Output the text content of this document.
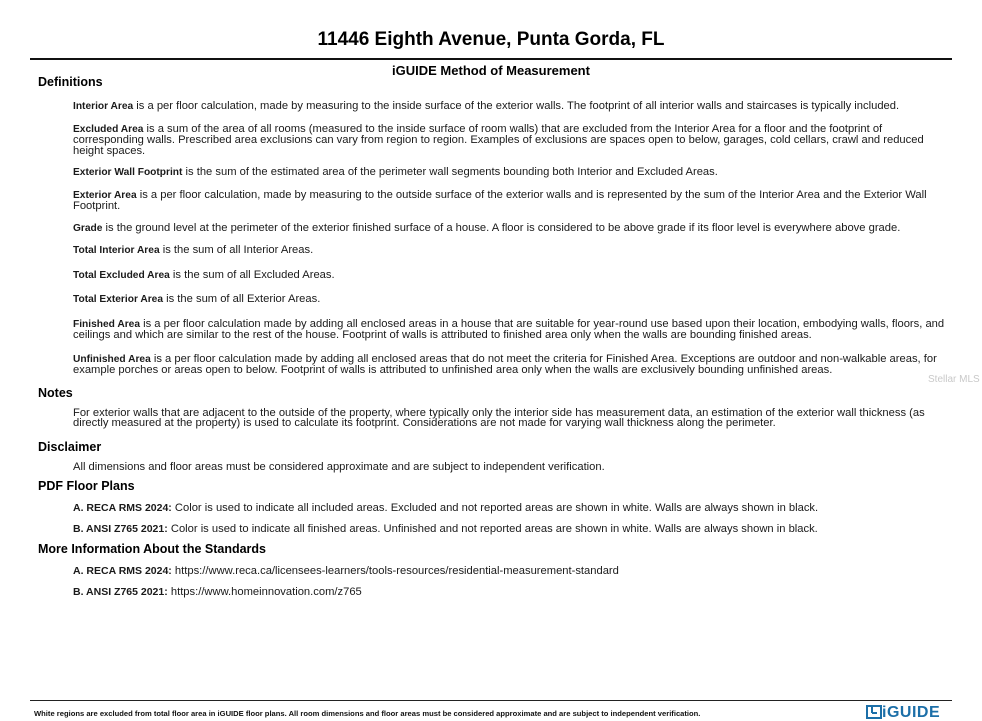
11446 Eighth Avenue, Punta Gorda, FL
iGUIDE Method of Measurement
Definitions
Interior Area is a per floor calculation, made by measuring to the inside surface of the exterior walls. The footprint of all interior walls and staircases is typically included.
Excluded Area is a sum of the area of all rooms (measured to the inside surface of room walls) that are excluded from the Interior Area for a floor and the footprint of corresponding walls. Prescribed area exclusions can vary from region to region. Examples of exclusions are spaces open to below, garages, cold cellars, crawl and reduced height spaces.
Exterior Wall Footprint is the sum of the estimated area of the perimeter wall segments bounding both Interior and Excluded Areas.
Exterior Area is a per floor calculation, made by measuring to the outside surface of the exterior walls and is represented by the sum of the Interior Area and the Exterior Wall Footprint.
Grade is the ground level at the perimeter of the exterior finished surface of a house. A floor is considered to be above grade if its floor level is everywhere above grade.
Total Interior Area is the sum of all Interior Areas.
Total Excluded Area is the sum of all Excluded Areas.
Total Exterior Area is the sum of all Exterior Areas.
Finished Area is a per floor calculation made by adding all enclosed areas in a house that are suitable for year-round use based upon their location, embodying walls, floors, and ceilings and which are similar to the rest of the house. Footprint of walls is attributed to finished area only when the walls are bounding finished areas.
Unfinished Area is a per floor calculation made by adding all enclosed areas that do not meet the criteria for Finished Area. Exceptions are outdoor and non-walkable areas, for example porches or areas open to below. Footprint of walls is attributed to unfinished area only when the walls are exclusively bounding unfinished areas.
Notes
For exterior walls that are adjacent to the outside of the property, where typically only the interior side has measurement data, an estimation of the exterior wall thickness (as directly measured at the property) is used to calculate its footprint. Considerations are not made for varying wall thickness along the perimeter.
Disclaimer
All dimensions and floor areas must be considered approximate and are subject to independent verification.
PDF Floor Plans
A. RECA RMS 2024: Color is used to indicate all included areas. Excluded and not reported areas are shown in white. Walls are always shown in black.
B. ANSI Z765 2021: Color is used to indicate all finished areas. Unfinished and not reported areas are shown in white. Walls are always shown in black.
More Information About the Standards
A. RECA RMS 2024: https://www.reca.ca/licensees-learners/tools-resources/residential-measurement-standard
B. ANSI Z765 2021: https://www.homeinnovation.com/z765
Stellar MLS
White regions are excluded from total floor area in iGUIDE floor plans. All room dimensions and floor areas must be considered approximate and are subject to independent verification.	iGUIDE
